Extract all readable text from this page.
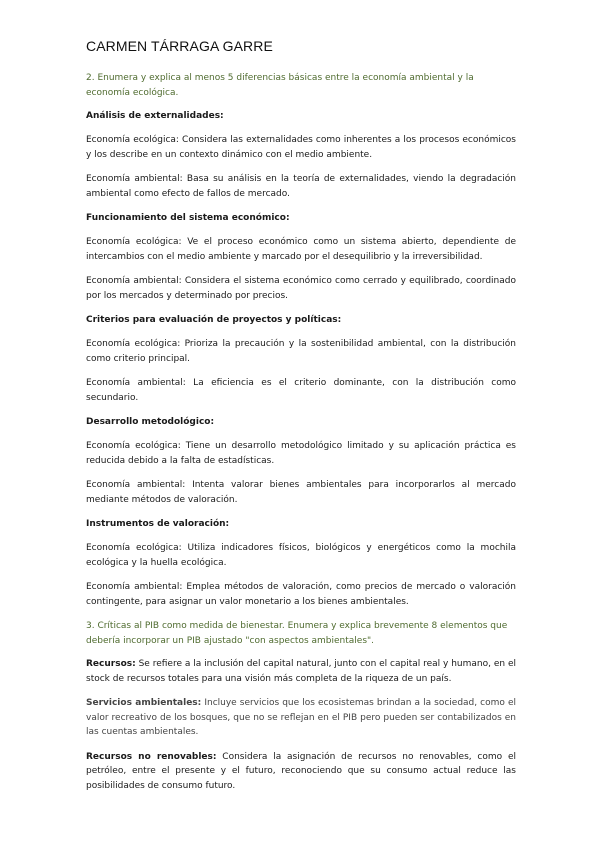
CARMEN TÁRRAGA GARRE
2. Enumera y explica al menos 5 diferencias básicas entre la economía ambiental y la economía ecológica.
Análisis de externalidades:
Economía ecológica: Considera las externalidades como inherentes a los procesos económicos y los describe en un contexto dinámico con el medio ambiente.
Economía ambiental: Basa su análisis en la teoría de externalidades, viendo la degradación ambiental como efecto de fallos de mercado.
Funcionamiento del sistema económico:
Economía ecológica: Ve el proceso económico como un sistema abierto, dependiente de intercambios con el medio ambiente y marcado por el desequilibrio y la irreversibilidad.
Economía ambiental: Considera el sistema económico como cerrado y equilibrado, coordinado por los mercados y determinado por precios.
Criterios para evaluación de proyectos y políticas:
Economía ecológica: Prioriza la precaución y la sostenibilidad ambiental, con la distribución como criterio principal.
Economía ambiental: La eficiencia es el criterio dominante, con la distribución como secundario.
Desarrollo metodológico:
Economía ecológica: Tiene un desarrollo metodológico limitado y su aplicación práctica es reducida debido a la falta de estadísticas.
Economía ambiental: Intenta valorar bienes ambientales para incorporarlos al mercado mediante métodos de valoración.
Instrumentos de valoración:
Economía ecológica: Utiliza indicadores físicos, biológicos y energéticos como la mochila ecológica y la huella ecológica.
Economía ambiental: Emplea métodos de valoración, como precios de mercado o valoración contingente, para asignar un valor monetario a los bienes ambientales.
3. Críticas al PIB como medida de bienestar. Enumera y explica brevemente 8 elementos que debería incorporar un PIB ajustado "con aspectos ambientales".
Recursos: Se refiere a la inclusión del capital natural, junto con el capital real y humano, en el stock de recursos totales para una visión más completa de la riqueza de un país.
Servicios ambientales: Incluye servicios que los ecosistemas brindan a la sociedad, como el valor recreativo de los bosques, que no se reflejan en el PIB pero pueden ser contabilizados en las cuentas ambientales.
Recursos no renovables: Considera la asignación de recursos no renovables, como el petróleo, entre el presente y el futuro, reconociendo que su consumo actual reduce las posibilidades de consumo futuro.
